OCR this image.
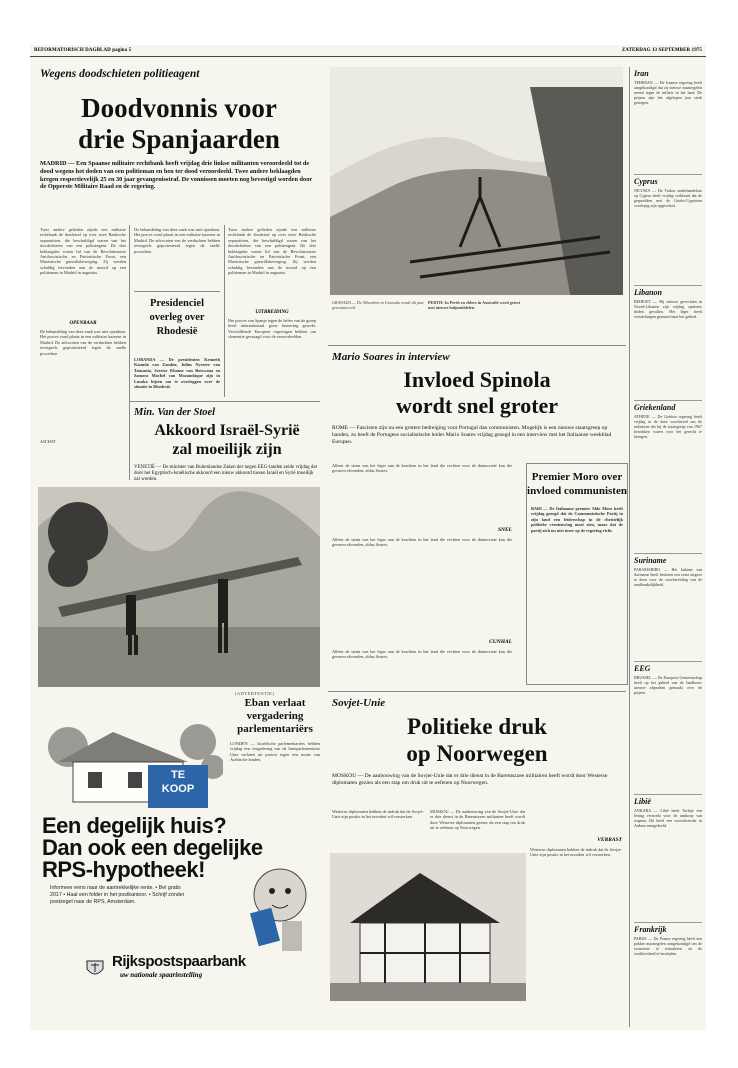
REFORMATORISCH DAGBLAD pagina 5	ZATERDAG 13 SEPTEMBER 1975
Wegens doodschieten politieagent
Doodvonnis voor
drie Spanjaarden
MADRID — Een Spaanse militaire rechtbank heeft vrijdag drie linkse militanten veroordeeld tot de dood wegens het doden van een politieman en hen ter dood veroordeeld. Twee andere beklaagden kregen respectievelijk 25 en 30 jaar gevangenisstraf. De vonnissen moeten nog bevestigd worden door de Opperste Militaire Raad en de regering.
Twee andere gelieden zijnde een militaire rechtbank de doodstraf op over twee Baskische separatisten, die beschuldigd waren van het doodschieten van een politieagent. De drie beklaagden waren lid van de Revolutionaire Antifascistische en Patriottische Front, een Maoïstische guerrillabeweging. Zij werden schuldig bevonden aan de moord op een politieman in Madrid in augustus.
OPENBAAR
De behandeling van deze zaak was niet openbaar. Het proces vond plaats in een militaire kazerne in Madrid. De advocaten van de verdachten hebben tevergeefs geprotesteerd tegen de snelle procedure.
ASCHAT
De behandeling van deze zaak was niet openbaar. Het proces vond plaats in een militaire kazerne in Madrid. De advocaten van de verdachten hebben tevergeefs geprotesteerd tegen de snelle procedure.
Presidenciel overleg over Rhodesië
LOBANDA — De presidenten Kenneth Kaunda van Zambia, Julius Nyerere van Tanzania, Seretse Khama van Botswana en Samora Machel van Mozambique zijn in Lusaka bijeen om te overleggen over de situatie in Rhodesië.
Twee andere gelieden zijnde een militaire rechtbank de doodstraf op over twee Baskische separatisten, die beschuldigd waren van het doodschieten van een politieagent. De drie beklaagden waren lid van de Revolutionaire Antifascistische en Patriottische Front, een Maoïstische guerrillabeweging. Zij werden schuldig bevonden aan de moord op een politieman in Madrid in augustus.
UITBREIDING
Het proces van Spanje tegen de leden van de groep heeft internationaal grote beroering gewekt. Verschillende Europese regeringen hebben om clementie gevraagd voor de veroordeelden.
Min. Van der Stoel
Akkoord Israël-Syrië
zal moeilijk zijn
VENETIË — De minister van Buitenlandse Zaken der negen EEG-landen zeide vrijdag dat door het Egyptisch-Israëlische akkoord een nieuw akkoord tussen Israël en Syrië moeilijk zal worden.
(ADVERTENTIE)
GRANADA — De Alhambra in Granada wordt dit jaar gerestaureerd.
PERTH: In Perth en elders in Australië werd getest met nieuwe hulpmiddelen.
Mario Soares in interview
Invloed Spinola
wordt snel groter
ROME — Fascisten zijn nu een grotere bedreiging voor Portugal dan communisten. Mogelijk is een nieuwe staatsgreep op handen, zo heeft de Portugese socialistische leider Mario Soares vrijdag gezegd in een interview met het Italiaanse weekblad Europeo.
Alleen de steun van het leger aan de krachten in het land die vechten voor de democratie kan die gevaren afwenden, aldus Soares.
SNEL
Alleen de steun van het leger aan de krachten in het land die vechten voor de democratie kan die gevaren afwenden, aldus Soares.
CUNHAL
Alleen de steun van het leger aan de krachten in het land die vechten voor de democratie kan die gevaren afwenden, aldus Soares.
Premier Moro over invloed communisten
BARI — De Italiaanse premier Aldo Moro heeft vrijdag gezegd dat de Communistische Partij in zijn land een leiderschap in de christelijk politieke vernieuwing moet zien, maar dat de partij zich nu niet meer op de regering richt.
Sovjet-Unie
Politieke druk
op Noorwegen
MOSKOU — De aanbouwing van de Sovjet-Unie dat er drie dienst in de Barentszzee militairen heeft wordt door Westerse diplomaten gezien als een stap om druk uit te oefenen op Noorwegen.
Westerse diplomaten hebben de indruk dat de Sovjet-Unie zijn positie in het noorden wil versterken.
MOSKOU — De aanbouwing van de Sovjet-Unie dat er drie dienst in de Barentszzee militairen heeft wordt door Westerse diplomaten gezien als een stap om druk uit te oefenen op Noorwegen.
VERRAST
Westerse diplomaten hebben de indruk dat de Sovjet-Unie zijn positie in het noorden wil versterken.
Eban verlaat
vergadering
parlementariërs
LONDEN — Israëlische parlementariërs hebben vrijdag een vergadering van de Interparlementaire Unie verlaten uit protest tegen een motie van Arabische landen.
TE
KOOP
Een degelijk huis?
Dan ook een degelijke
RPS-hypotheek!
Informeer eens naar de aantrekkelijke rente. • Bel gratis 2017 • Haal een folder in het postkantoor. • Schrijf zonder postzegel naar de RPS, Amsterdam.
Rijkspostspaarbank
uw nationale spaarinstelling
Iran
TEHERAN — De Iraanse regering heeft aangekondigd dat zij nieuwe maatregelen neemt tegen de inflatie in het land. De prijzen zijn het afgelopen jaar sterk gestegen.
Cyprus
NICOSIA — De Turkse onderhandelaar op Cyprus heeft vrijdag verklaard dat de gesprekken met de Grieks-Cyprioten voorlopig zijn opgeschort.
Libanon
BEIROET — Bij nieuwe gevechten in Noord-Libanon zijn vrijdag opnieuw doden gevallen. Het leger heeft versterkingen gestuurd naar het gebied.
Griekenland
ATHENE — De Griekse regering heeft vrijdag in de kern voorbereid om de militairen die bij de staatsgreep van 1967 betrokken waren voor het gerecht te brengen.
Suriname
PARAMARIBO — Het kabinet van Suriname heeft besloten een extra uitgave te doen voor de voorbereiding van de onafhankelijkheid.
EEG
BRUSSEL — De Europese Gemeenschap heeft op het gebied van de landbouw nieuwe afspraken gemaakt over de prijzen.
Libië
ANKARA — Libië heeft Turkije een lening verstrekt voor de aankoop van wapens. Dit heeft een woordvoerder in Ankara meegedeeld.
Frankrijk
PARIJS — De Franse regering heeft een pakket maatregelen aangekondigd om de economie te stimuleren en de werkloosheid te bestrijden.
